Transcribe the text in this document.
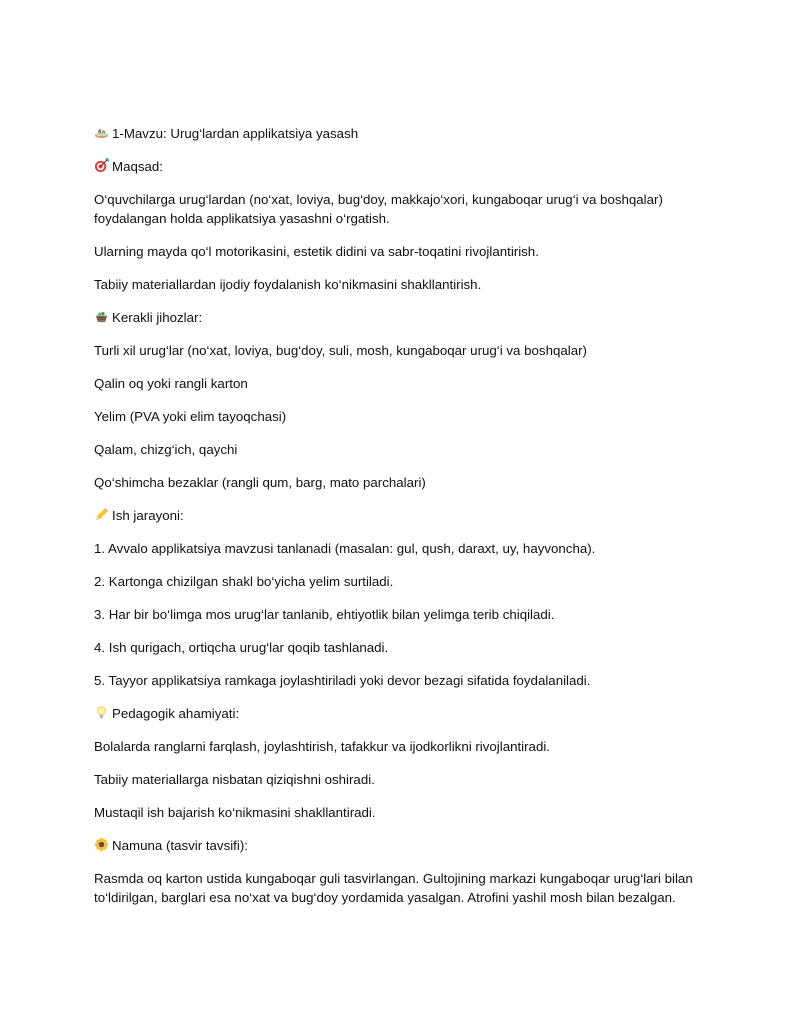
1-Mavzu: Urug‘lardan applikatsiya yasash
Maqsad:
O‘quvchilarga urug‘lardan (no‘xat, loviya, bug‘doy, makkajo‘xori, kungaboqar urug‘i va boshqalar) foydalangan holda applikatsiya yasashni o‘rgatish.
Ularning mayda qo‘l motorikasini, estetik didini va sabr-toqatini rivojlantirish.
Tabiiy materiallardan ijodiy foydalanish ko‘nikmasini shakllantirish.
Kerakli jihozlar:
Turli xil urug‘lar (no‘xat, loviya, bug‘doy, suli, mosh, kungaboqar urug‘i va boshqalar)
Qalin oq yoki rangli karton
Yelim (PVA yoki elim tayoqchasi)
Qalam, chizg‘ich, qaychi
Qo‘shimcha bezaklar (rangli qum, barg, mato parchalari)
Ish jarayoni:
1. Avvalo applikatsiya mavzusi tanlanadi (masalan: gul, qush, daraxt, uy, hayvoncha).
2. Kartonga chizilgan shakl bo‘yicha yelim surtiladi.
3. Har bir bo‘limga mos urug‘lar tanlanib, ehtiyotlik bilan yelimga terib chiqiladi.
4. Ish qurigach, ortiqcha urug‘lar qoqib tashlanadi.
5. Tayyor applikatsiya ramkaga joylashtiriladi yoki devor bezagi sifatida foydalaniladi.
Pedagogik ahamiyati:
Bolalarda ranglarni farqlash, joylashtirish, tafakkur va ijodkorlikni rivojlantiradi.
Tabiiy materiallarga nisbatan qiziqishni oshiradi.
Mustaqil ish bajarish ko‘nikmasini shakllantiradi.
Namuna (tasvir tavsifi):
Rasmda oq karton ustida kungaboqar guli tasvirlangan. Gultojining markazi kungaboqar urug‘lari bilan to‘ldirilgan, barglari esa no‘xat va bug‘doy yordamida yasalgan. Atrofini yashil mosh bilan bezalgan.
